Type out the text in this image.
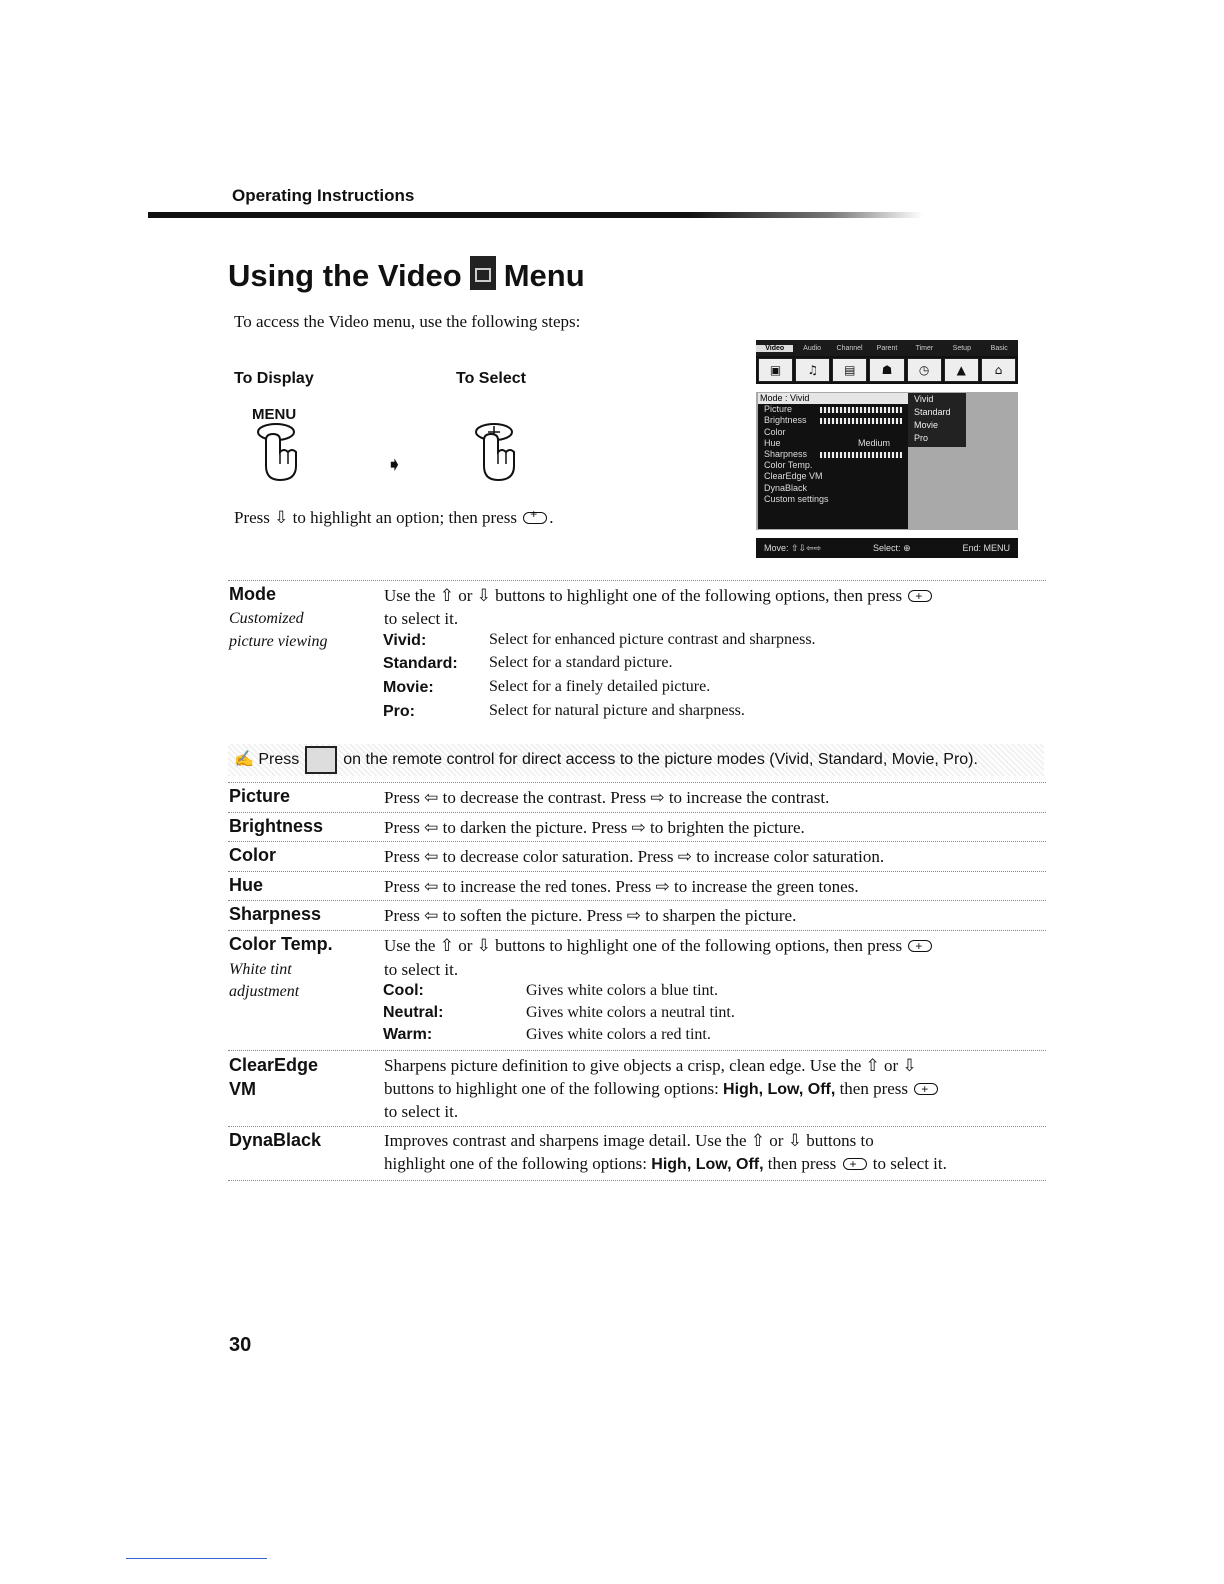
Operating Instructions
Using the Video Menu
To access the Video menu, use the following steps:
To Display	To Select
MENU
➧
Press ⇩ to highlight an option; then press + .
Video	Audio	Channel	Parent	Timer	Setup	Basic
▣	♫	▤	☗	◷	▲	⌂
Mode : Vivid
Picture
Brightness
Color
Hue	Medium
Sharpness
Color Temp.
ClearEdge VM
DynaBlack
Custom settings
Vivid
Standard
Movie
Pro
Move: ⇧⇩⇦⇨	Select: ⊕	End: MENU
Mode
Customized
picture viewing
Use the ⇧ or ⇩ buttons to highlight one of the following options, then press +
to select it.
Vivid:	Select for enhanced picture contrast and sharpness.
Standard: Select for a standard picture.
Movie:	Select for a finely detailed picture.
Pro:	Select for natural picture and sharpness.
✍ Press	on the remote control for direct access to the picture modes (Vivid, Standard, Movie, Pro).
Picture	Press ⇦ to decrease the contrast. Press ⇨ to increase the contrast.
Brightness	Press ⇦ to darken the picture. Press ⇨ to brighten the picture.
Color	Press ⇦ to decrease color saturation. Press ⇨ to increase color saturation.
Hue	Press ⇦ to increase the red tones. Press ⇨ to increase the green tones.
Sharpness	Press ⇦ to soften the picture. Press ⇨ to sharpen the picture.
Color Temp.
White tint
adjustment
Use the ⇧ or ⇩ buttons to highlight one of the following options, then press +
to select it.
Cool:	Gives white colors a blue tint.
Neutral:	Gives white colors a neutral tint.
Warm:	Gives white colors a red tint.
ClearEdge
VM
Sharpens picture definition to give objects a crisp, clean edge. Use the ⇧ or ⇩
buttons to highlight one of the following options: High, Low, Off, then press +
to select it.
DynaBlack	Improves contrast and sharpens image detail. Use the ⇧ or ⇩ buttons to
highlight one of the following options: High, Low, Off, then press + to select it.
30
